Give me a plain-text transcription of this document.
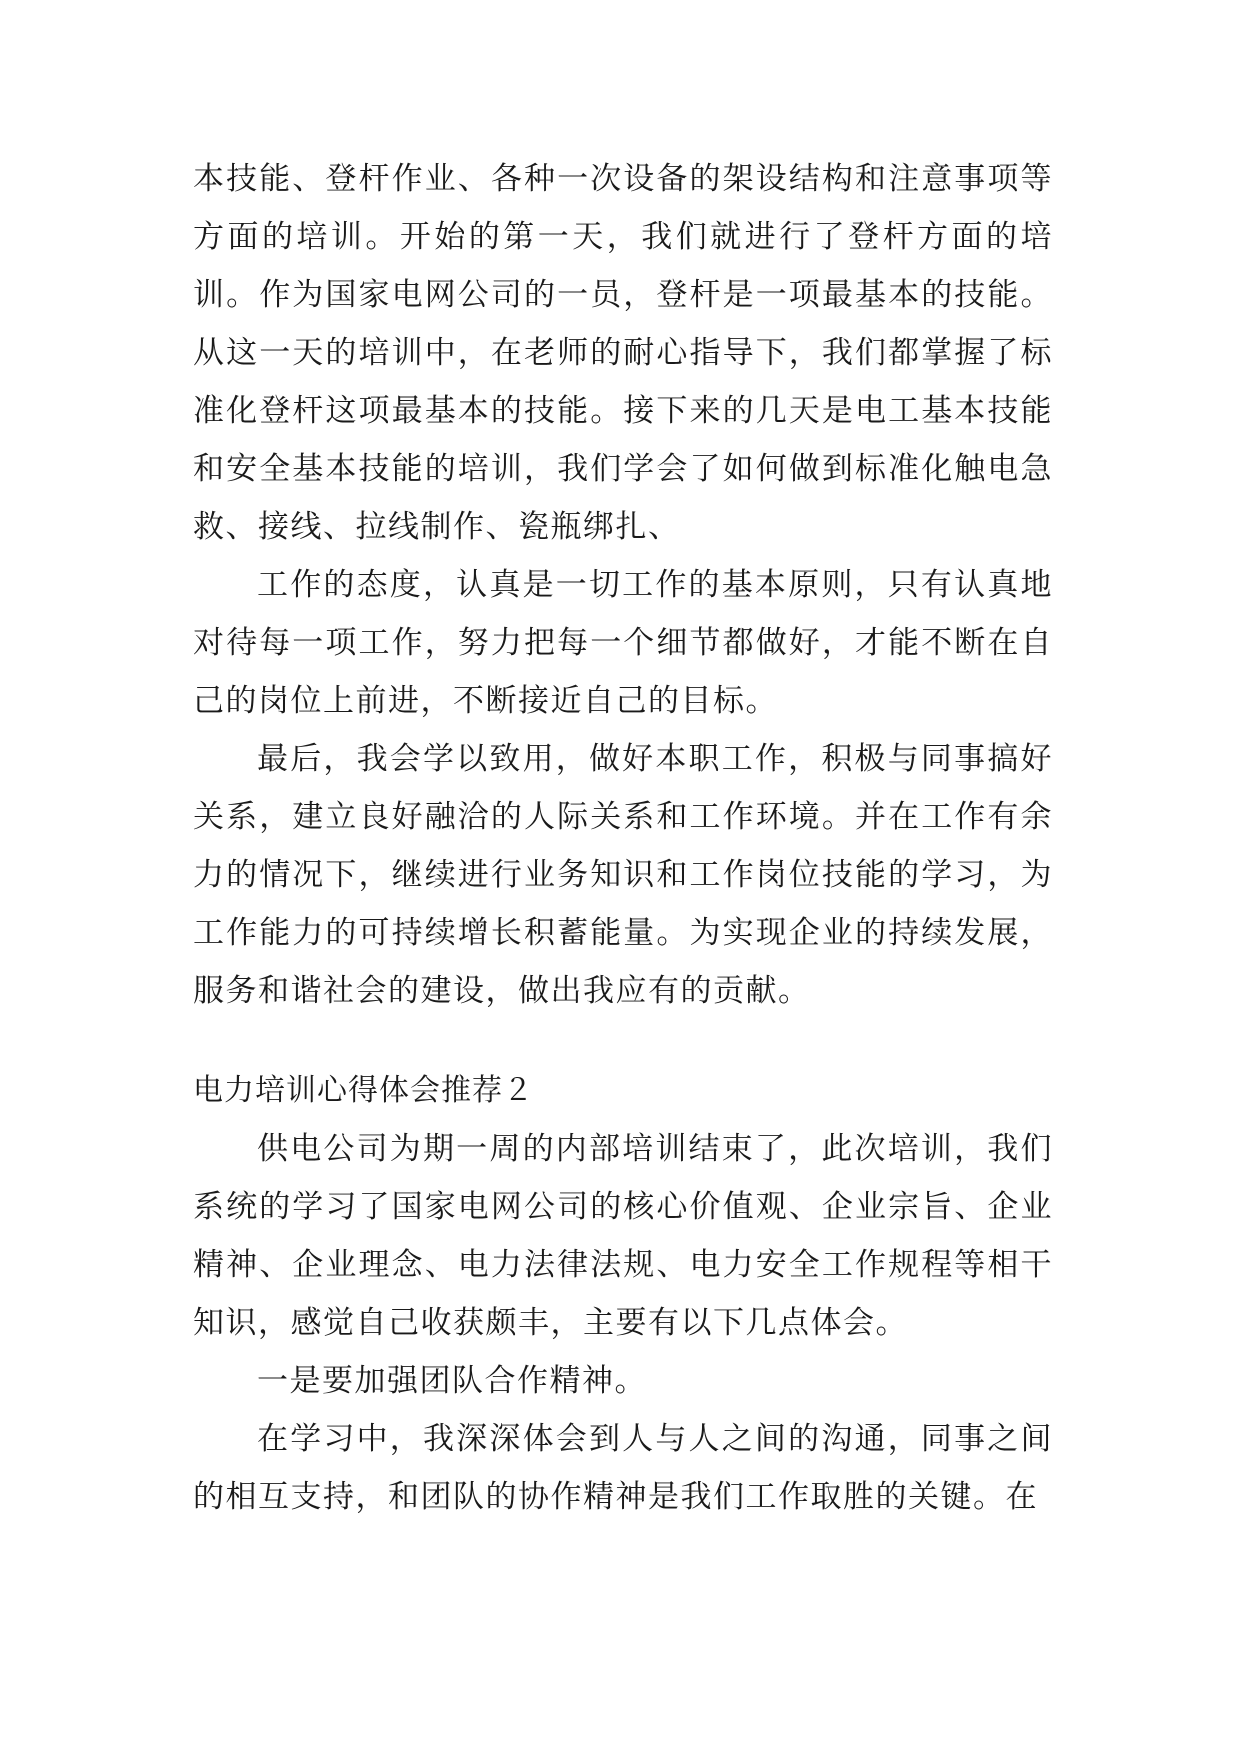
本技能、登杆作业、各种一次设备的架设结构和注意事项等方面的培训。开始的第一天，我们就进行了登杆方面的培训。作为国家电网公司的一员，登杆是一项最基本的技能。从这一天的培训中，在老师的耐心指导下，我们都掌握了标准化登杆这项最基本的技能。接下来的几天是电工基本技能和安全基本技能的培训，我们学会了如何做到标准化触电急救、接线、拉线制作、瓷瓶绑扎、

工作的态度，认真是一切工作的基本原则，只有认真地对待每一项工作，努力把每一个细节都做好，才能不断在自己的岗位上前进，不断接近自己的目标。

最后，我会学以致用，做好本职工作，积极与同事搞好关系，建立良好融洽的人际关系和工作环境。并在工作有余力的情况下，继续进行业务知识和工作岗位技能的学习，为工作能力的可持续增长积蓄能量。为实现企业的持续发展，服务和谐社会的建设，做出我应有的贡献。

电力培训心得体会推荐２

供电公司为期一周的内部培训结束了，此次培训，我们系统的学习了国家电网公司的核心价值观、企业宗旨、企业精神、企业理念、电力法律法规、电力安全工作规程等相干知识，感觉自己收获颇丰，主要有以下几点体会。

一是要加强团队合作精神。

在学习中，我深深体会到人与人之间的沟通，同事之间的相互支持，和团队的协作精神是我们工作取胜的关键。在
